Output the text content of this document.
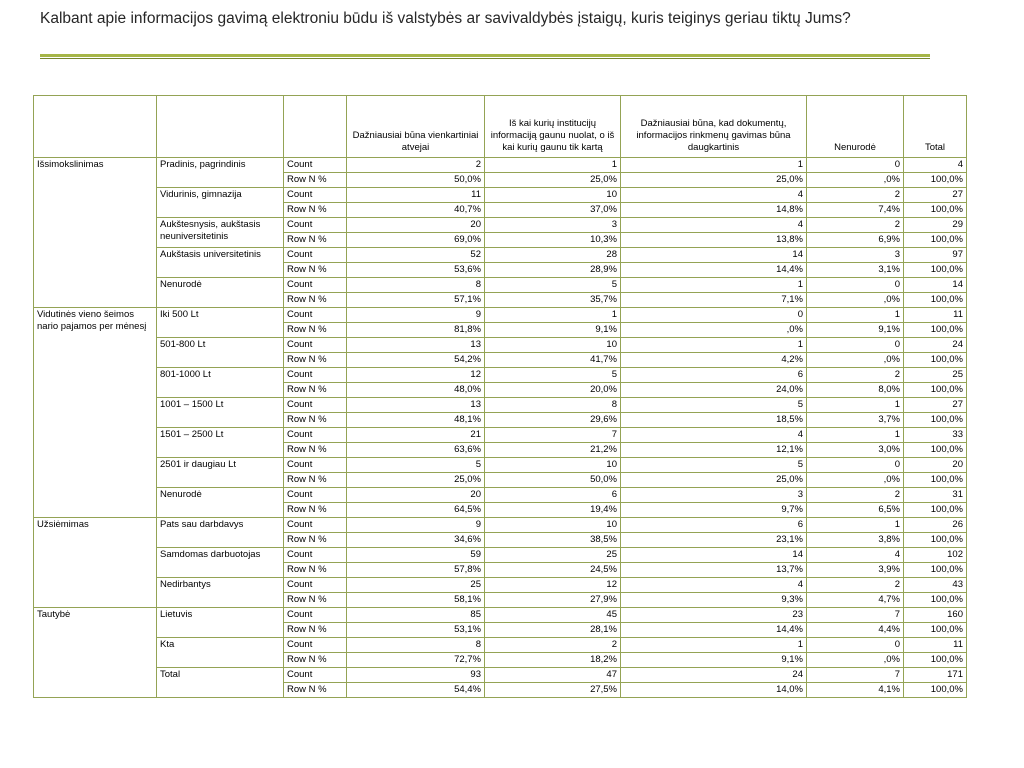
Kalbant apie informacijos gavimą elektroniu būdu iš valstybės ar savivaldybės įstaigų, kuris teiginys geriau tiktų Jums?
			Dažniausiai būna vienkartiniai atvejai	Iš kai kurių institucijų informaciją gaunu nuolat, o iš kai kurių gaunu tik kartą	Dažniausiai būna, kad dokumentų, informacijos rinkmenų gavimas būna daugkartinis	Nenurodė	Total
Išsimokslinimas	Pradinis, pagrindinis	Count	2	1	1	0	4
		Row N %	50,0%	25,0%	25,0%	,0%	100,0%
	Vidurinis, gimnazija	Count	11	10	4	2	27
		Row N %	40,7%	37,0%	14,8%	7,4%	100,0%
	Aukštesnysis, aukštasis neuniversitetinis	Count	20	3	4	2	29
		Row N %	69,0%	10,3%	13,8%	6,9%	100,0%
	Aukštasis universitetinis	Count	52	28	14	3	97
		Row N %	53,6%	28,9%	14,4%	3,1%	100,0%
	Nenurodė	Count	8	5	1	0	14
		Row N %	57,1%	35,7%	7,1%	,0%	100,0%
Vidutinės vieno šeimos nario pajamos per mėnesį	Iki 500 Lt	Count	9	1	0	1	11
		Row N %	81,8%	9,1%	,0%	9,1%	100,0%
	501-800 Lt	Count	13	10	1	0	24
		Row N %	54,2%	41,7%	4,2%	,0%	100,0%
	801-1000 Lt	Count	12	5	6	2	25
		Row N %	48,0%	20,0%	24,0%	8,0%	100,0%
	1001 – 1500 Lt	Count	13	8	5	1	27
		Row N %	48,1%	29,6%	18,5%	3,7%	100,0%
	1501 – 2500 Lt	Count	21	7	4	1	33
		Row N %	63,6%	21,2%	12,1%	3,0%	100,0%
	2501 ir daugiau Lt	Count	5	10	5	0	20
		Row N %	25,0%	50,0%	25,0%	,0%	100,0%
	Nenurodė	Count	20	6	3	2	31
		Row N %	64,5%	19,4%	9,7%	6,5%	100,0%
Užsiėmimas	Pats sau darbdavys	Count	9	10	6	1	26
		Row N %	34,6%	38,5%	23,1%	3,8%	100,0%
	Samdomas darbuotojas	Count	59	25	14	4	102
		Row N %	57,8%	24,5%	13,7%	3,9%	100,0%
	Nedirbantys	Count	25	12	4	2	43
		Row N %	58,1%	27,9%	9,3%	4,7%	100,0%
Tautybė	Lietuvis	Count	85	45	23	7	160
		Row N %	53,1%	28,1%	14,4%	4,4%	100,0%
	Kta	Count	8	2	1	0	11
		Row N %	72,7%	18,2%	9,1%	,0%	100,0%
	Total	Count	93	47	24	7	171
		Row N %	54,4%	27,5%	14,0%	4,1%	100,0%
